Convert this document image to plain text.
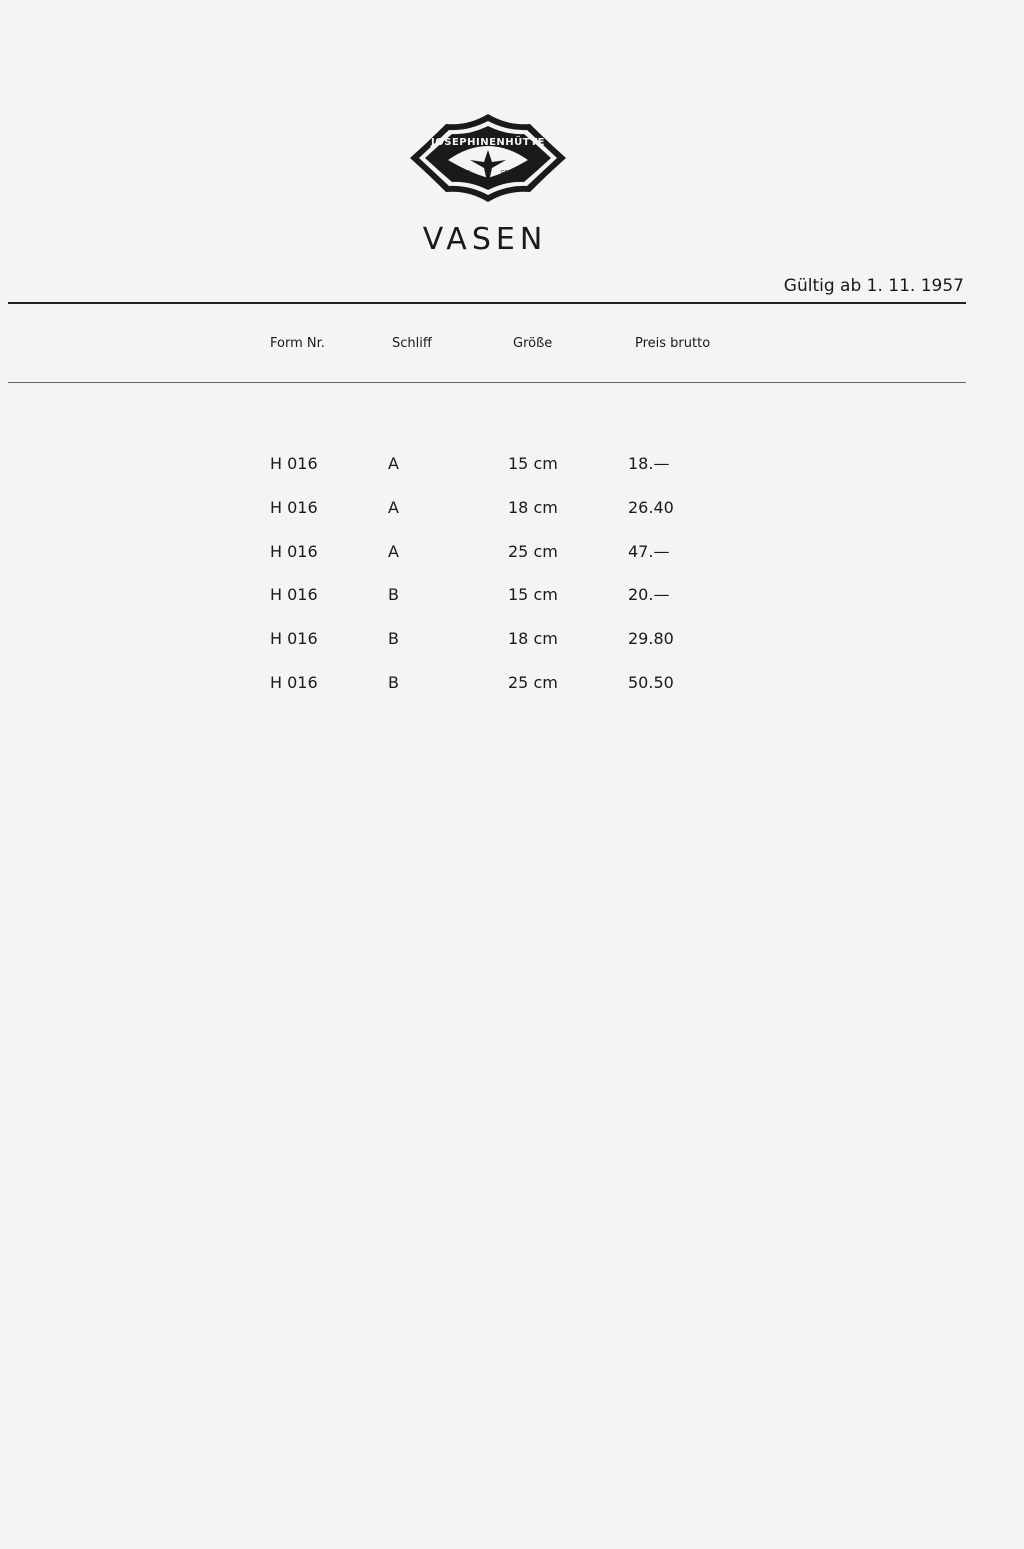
JOSEPHINENHÜTTE
GES.	GESCH.
VASEN
Gültig ab 1. 11. 1957
Form Nr.	Schliff	Größe	Preis brutto
H 016	A	15 cm	18.—
H 016	A	18 cm	26.40
H 016	A	25 cm	47.—
H 016	B	15 cm	20.—
H 016	B	18 cm	29.80
H 016	B	25 cm	50.50
